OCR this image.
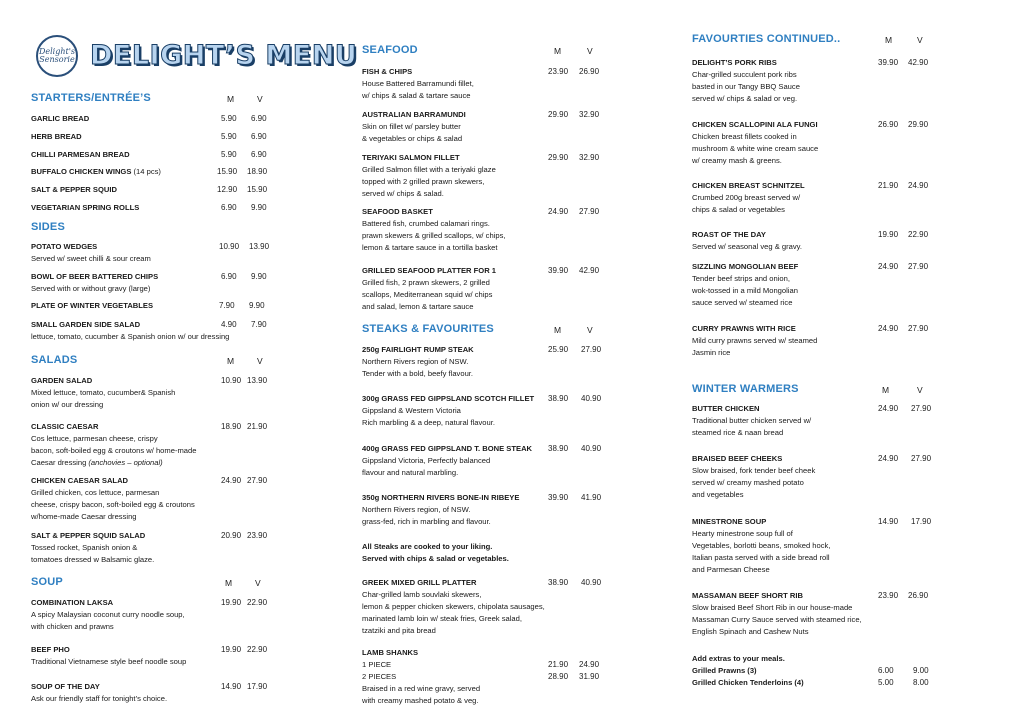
Delight's Sensorie DELIGHT’S MENU
STARTERS/ENTRÉE’S	M	V
GARLIC BREAD	5.90 6.90
HERB BREAD	5.90 6.90
CHILLI PARMESAN BREAD	5.90 6.90
BUFFALO CHICKEN WINGS (14 pcs)	15.90 18.90
SALT & PEPPER SQUID	12.90 15.90
VEGETARIAN SPRING ROLLS	6.90 9.90
SIDES
POTATO WEDGES
Served w/ sweet chilli & sour cream
10.90 13.90
BOWL OF BEER BATTERED CHIPS
Served with or without gravy (large)
6.90 9.90
PLATE OF WINTER VEGETABLES	7.90 9.90
SMALL GARDEN SIDE SALAD
lettuce, tomato, cucumber & Spanish onion w/ our dressing
4.90 7.90
SALADS	M	V
GARDEN SALAD
Mixed lettuce, tomato, cucumber& Spanish
onion w/ our dressing
10.90 13.90
CLASSIC CAESAR
Cos lettuce, parmesan cheese, crispy
bacon, soft-boiled egg & croutons w/ home-made
Caesar dressing (anchovies – optional)
18.90 21.90
CHICKEN CAESAR SALAD
Grilled chicken, cos lettuce, parmesan
cheese, crispy bacon, soft-boiled egg & croutons
w/home-made Caesar dressing
24.90 27.90
SALT & PEPPER SQUID SALAD
Tossed rocket, Spanish onion &
tomatoes dressed w Balsamic glaze.
20.90 23.90
SOUP	M	V
COMBINATION LAKSA
A spicy Malaysian coconut curry noodle soup,
with chicken and prawns
19.90 22.90
BEEF PHO
Traditional Vietnamese style beef noodle soup
19.90 22.90
SOUP OF THE DAY
Ask our friendly staff for tonight’s choice.
14.90 17.90
SEAFOOD	M	V
FISH & CHIPS
House Battered Barramundi fillet,
w/ chips & salad & tartare sauce
23.90 26.90
AUSTRALIAN BARRAMUNDI
Skin on fillet w/ parsley butter
& vegetables or chips & salad
29.90 32.90
TERIYAKI SALMON FILLET
Grilled Salmon fillet with a teriyaki glaze
topped with 2 grilled prawn skewers,
served w/ chips & salad.
29.90 32.90
SEAFOOD BASKET
Battered fish, crumbed calamari rings.
prawn skewers & grilled scallops, w/ chips,
lemon & tartare sauce in a tortilla basket
24.90 27.90
GRILLED SEAFOOD PLATTER FOR 1
Grilled fish, 2 prawn skewers, 2 grilled
scallops, Mediterranean squid w/ chips
and salad, lemon & tartare sauce
39.90 42.90
STEAKS & FAVOURITES	M	V
250g FAIRLIGHT RUMP STEAK
Northern Rivers region of NSW.
Tender with a bold, beefy flavour.
25.90 27.90
300g GRASS FED GIPPSLAND SCOTCH FILLET
Gippsland & Western Victoria
Rich marbling & a deep, natural flavour.
38.90 40.90
400g GRASS FED GIPPSLAND T. BONE STEAK
Gippsland Victoria, Perfectly balanced
flavour and natural marbling.
38.90 40.90
350g NORTHERN RIVERS BONE-IN RIBEYE
Northern Rivers region, of NSW.
grass-fed, rich in marbling and flavour.
39.90 41.90
All Steaks are cooked to your liking.
Served with chips & salad or vegetables.
GREEK MIXED GRILL PLATTER
Char-grilled lamb souvlaki skewers,
lemon & pepper chicken skewers, chipolata sausages,
marinated lamb loin w/ steak fries, Greek salad,
tzatziki and pita bread
38.90 40.90
LAMB SHANKS
1 PIECE
2 PIECES
Braised in a red wine gravy, served
with creamy mashed potato & veg.
21.90 24.90
28.90 31.90
FAVOURTIES CONTINUED..	M	V
DELIGHT’S PORK RIBS
Char-grilled succulent pork ribs
basted in our Tangy BBQ Sauce
served w/ chips & salad or veg.
39.90 42.90
CHICKEN SCALLOPINI ALA FUNGI
Chicken breast fillets cooked in
mushroom & white wine cream sauce
w/ creamy mash & greens.
26.90 29.90
CHICKEN BREAST SCHNITZEL
Crumbed 200g breast served w/
chips & salad or vegetables
21.90 24.90
ROAST OF THE DAY
Served w/ seasonal veg & gravy.
19.90 22.90
SIZZLING MONGOLIAN BEEF
Tender beef strips and onion,
wok-tossed in a mild Mongolian
sauce served w/ steamed rice
24.90 27.90
CURRY PRAWNS WITH RICE
Mild curry prawns served w/ steamed
Jasmin rice
24.90 27.90
WINTER WARMERS	M	V
BUTTER CHICKEN
Traditional butter chicken served w/
steamed rice & naan bread
24.90 27.90
BRAISED BEEF CHEEKS
Slow braised, fork tender beef cheek
served w/ creamy mashed potato
and vegetables
24.90 27.90
MINESTRONE SOUP
Hearty minestrone soup full of
Vegetables, borlotti beans, smoked hock,
Italian pasta served with a side bread roll
and Parmesan Cheese
14.90 17.90
MASSAMAN BEEF SHORT RIB
Slow braised Beef Short Rib in our house-made
Massaman Curry Sauce served with steamed rice,
English Spinach and Cashew Nuts
23.90 26.90
Add extras to your meals.
Grilled Prawns (3)	6.00 9.00
Grilled Chicken Tenderloins (4)	5.00 8.00
